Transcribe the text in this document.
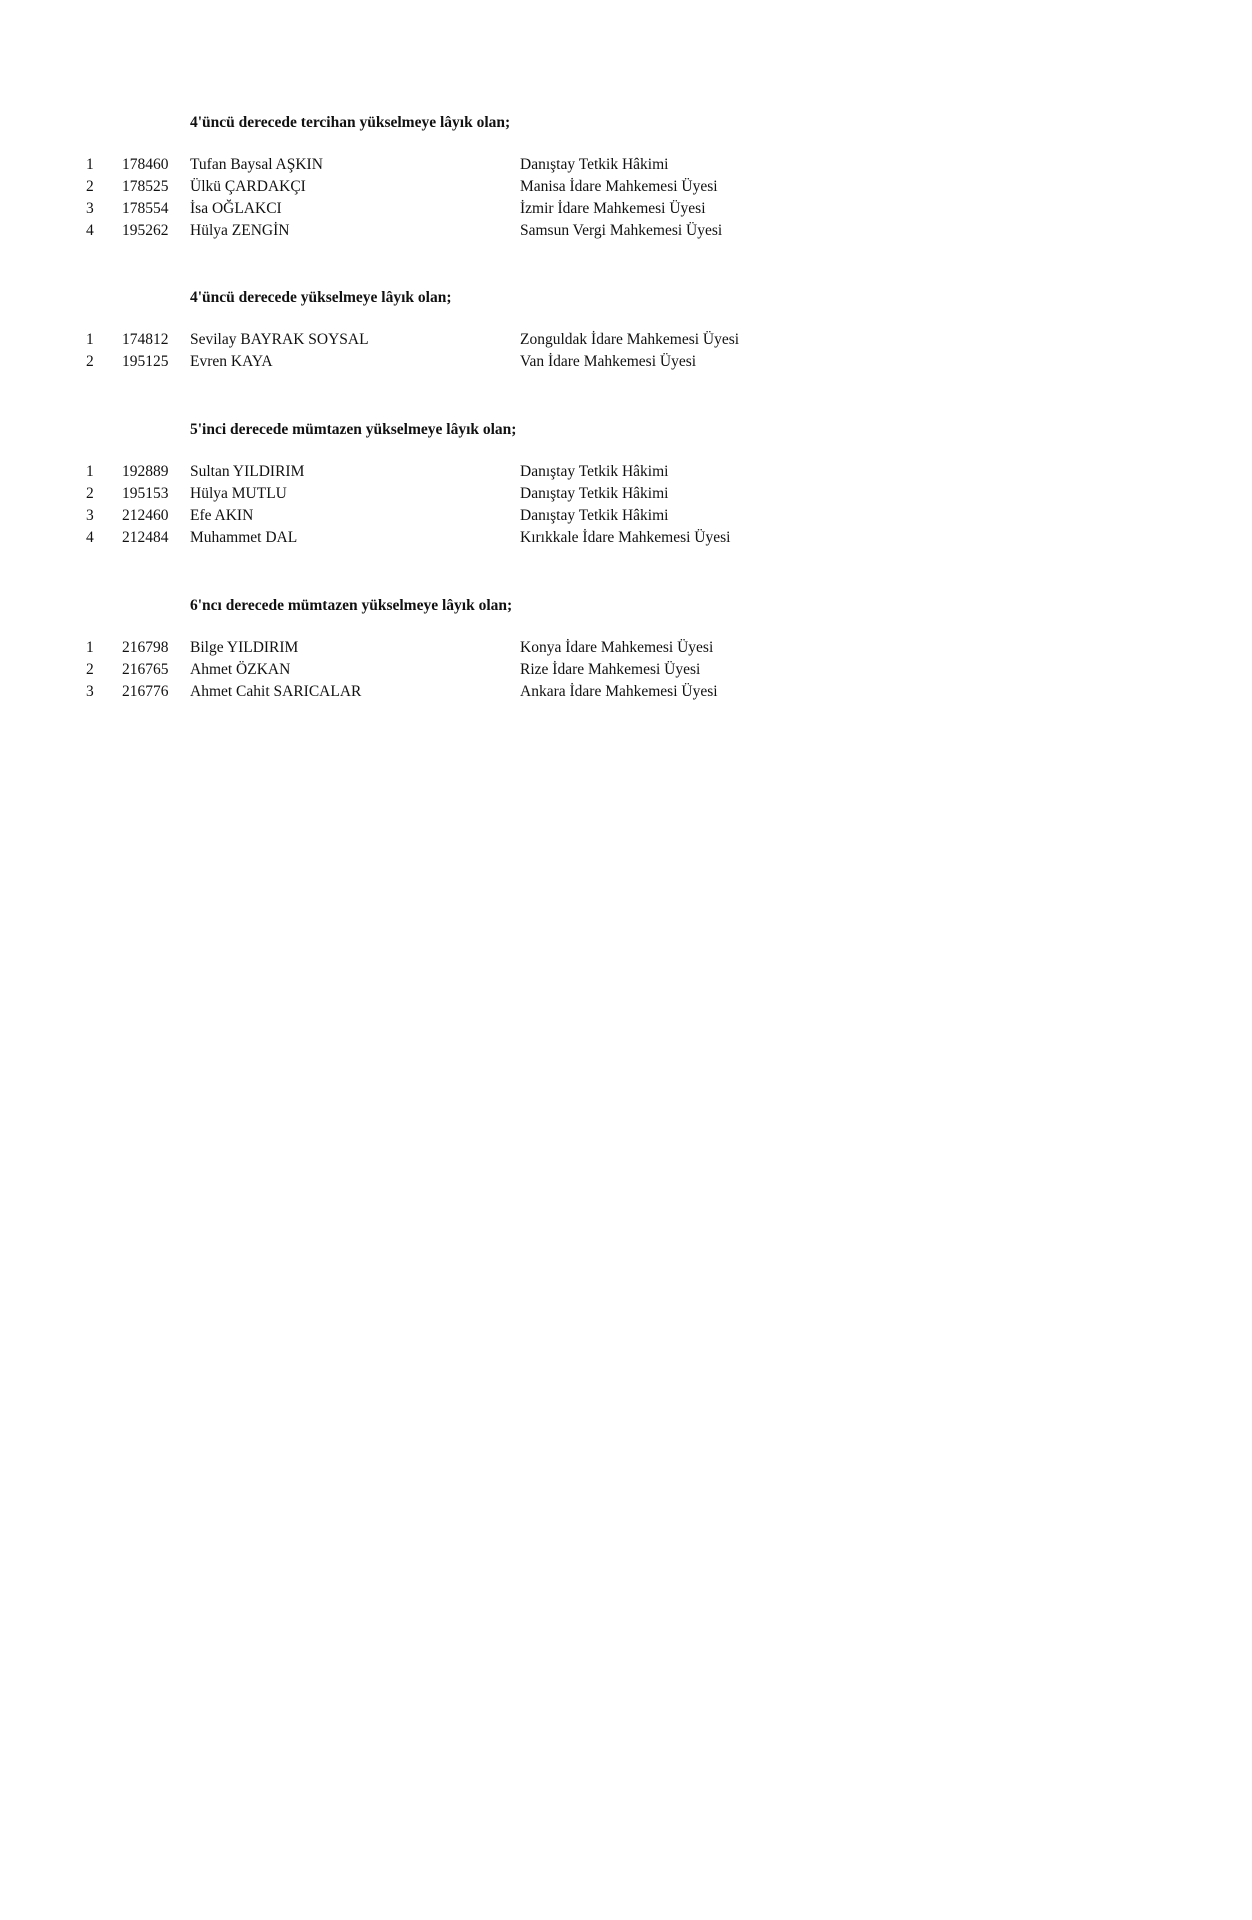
4'üncü derecede tercihan yükselmeye lâyık olan;
1 178460 Tufan Baysal AŞKIN	Danıştay Tetkik Hâkimi
2 178525 Ülkü ÇARDAKÇI	Manisa İdare Mahkemesi Üyesi
3 178554 İsa OĞLAKCI	İzmir İdare Mahkemesi Üyesi
4 195262 Hülya ZENGİN	Samsun Vergi Mahkemesi Üyesi
4'üncü derecede yükselmeye lâyık olan;
1 174812 Sevilay BAYRAK SOYSAL	Zonguldak İdare Mahkemesi Üyesi
2 195125 Evren KAYA	Van İdare Mahkemesi Üyesi
5'inci derecede mümtazen yükselmeye lâyık olan;
1 192889 Sultan YILDIRIM	Danıştay Tetkik Hâkimi
2 195153 Hülya MUTLU	Danıştay Tetkik Hâkimi
3 212460 Efe AKIN	Danıştay Tetkik Hâkimi
4 212484 Muhammet DAL	Kırıkkale İdare Mahkemesi Üyesi
6'ncı derecede mümtazen yükselmeye lâyık olan;
1 216798 Bilge YILDIRIM	Konya İdare Mahkemesi Üyesi
2 216765 Ahmet ÖZKAN	Rize İdare Mahkemesi Üyesi
3 216776 Ahmet Cahit SARICALAR	Ankara İdare Mahkemesi Üyesi
